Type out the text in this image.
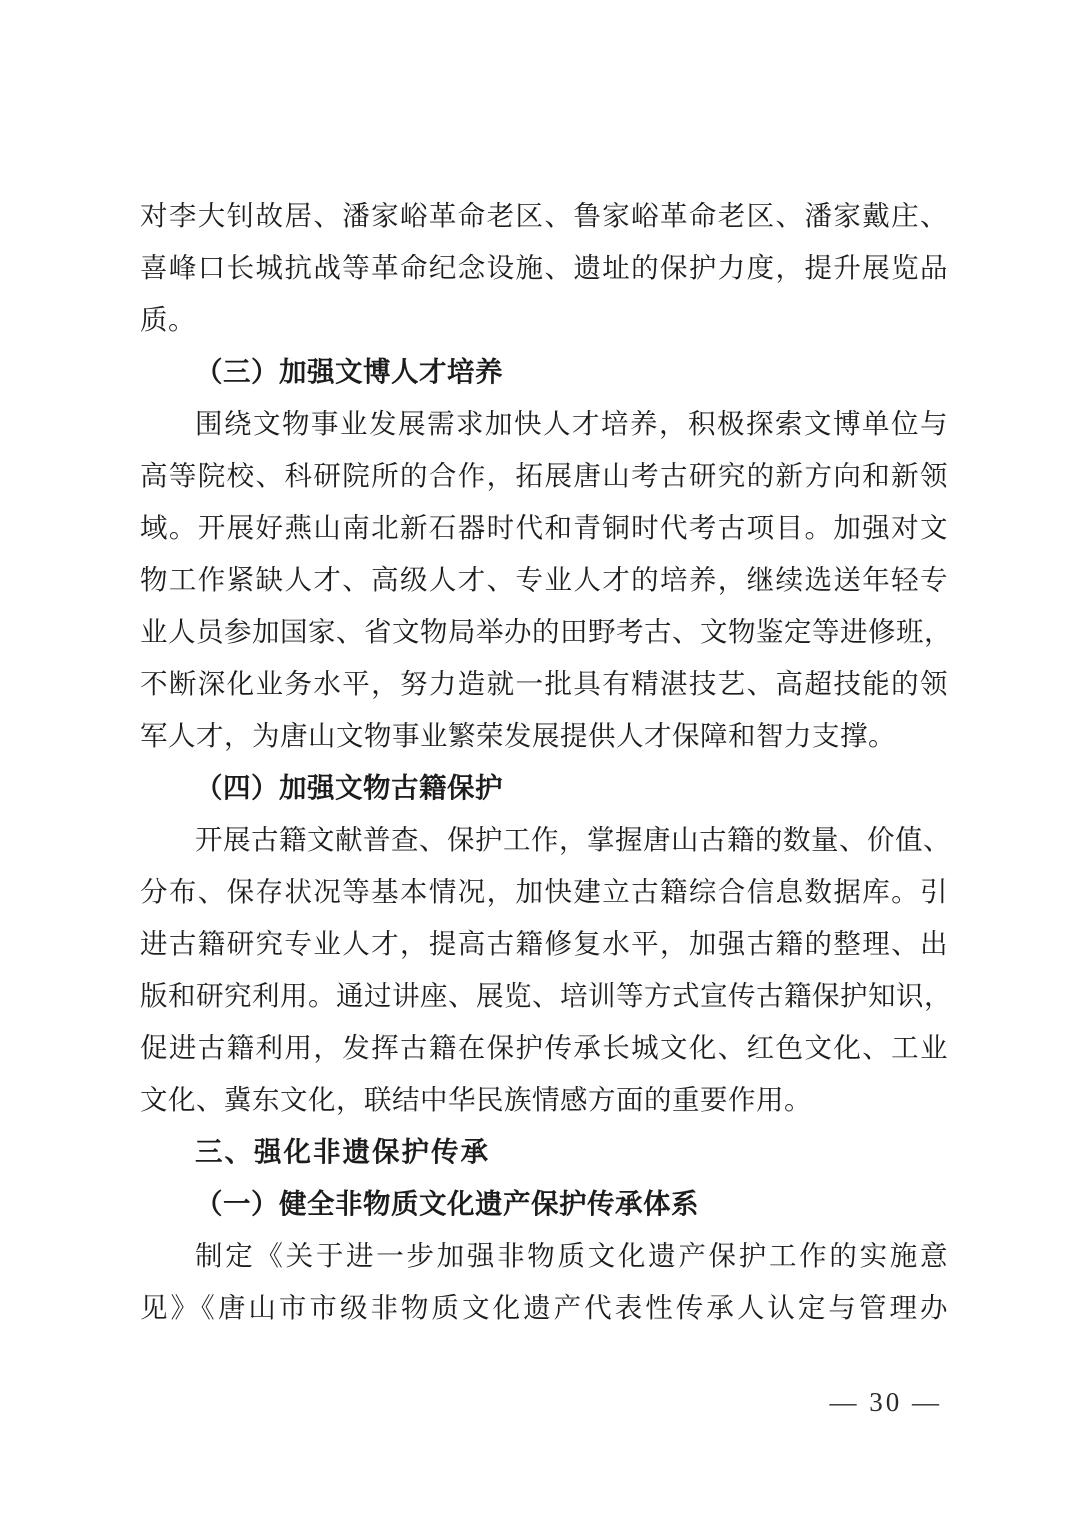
对李大钊故居、潘家峪革命老区、鲁家峪革命老区、潘家戴庄、

喜峰口长城抗战等革命纪念设施、遗址的保护力度，提升展览品

质。

（三）加强文博人才培养

围绕文物事业发展需求加快人才培养，积极探索文博单位与

高等院校、科研院所的合作，拓展唐山考古研究的新方向和新领

域。开展好燕山南北新石器时代和青铜时代考古项目。加强对文

物工作紧缺人才、高级人才、专业人才的培养，继续选送年轻专

业人员参加国家、省文物局举办的田野考古、文物鉴定等进修班，

不断深化业务水平，努力造就一批具有精湛技艺、高超技能的领

军人才，为唐山文物事业繁荣发展提供人才保障和智力支撑。

（四）加强文物古籍保护

开展古籍文献普查、保护工作，掌握唐山古籍的数量、价值、

分布、保存状况等基本情况，加快建立古籍综合信息数据库。引

进古籍研究专业人才，提高古籍修复水平，加强古籍的整理、出

版和研究利用。通过讲座、展览、培训等方式宣传古籍保护知识，

促进古籍利用，发挥古籍在保护传承长城文化、红色文化、工业

文化、冀东文化，联结中华民族情感方面的重要作用。

三、强化非遗保护传承

（一）健全非物质文化遗产保护传承体系

制定《关于进一步加强非物质文化遗产保护工作的实施意

见》《唐山市市级非物质文化遗产代表性传承人认定与管理办

— 30 —
